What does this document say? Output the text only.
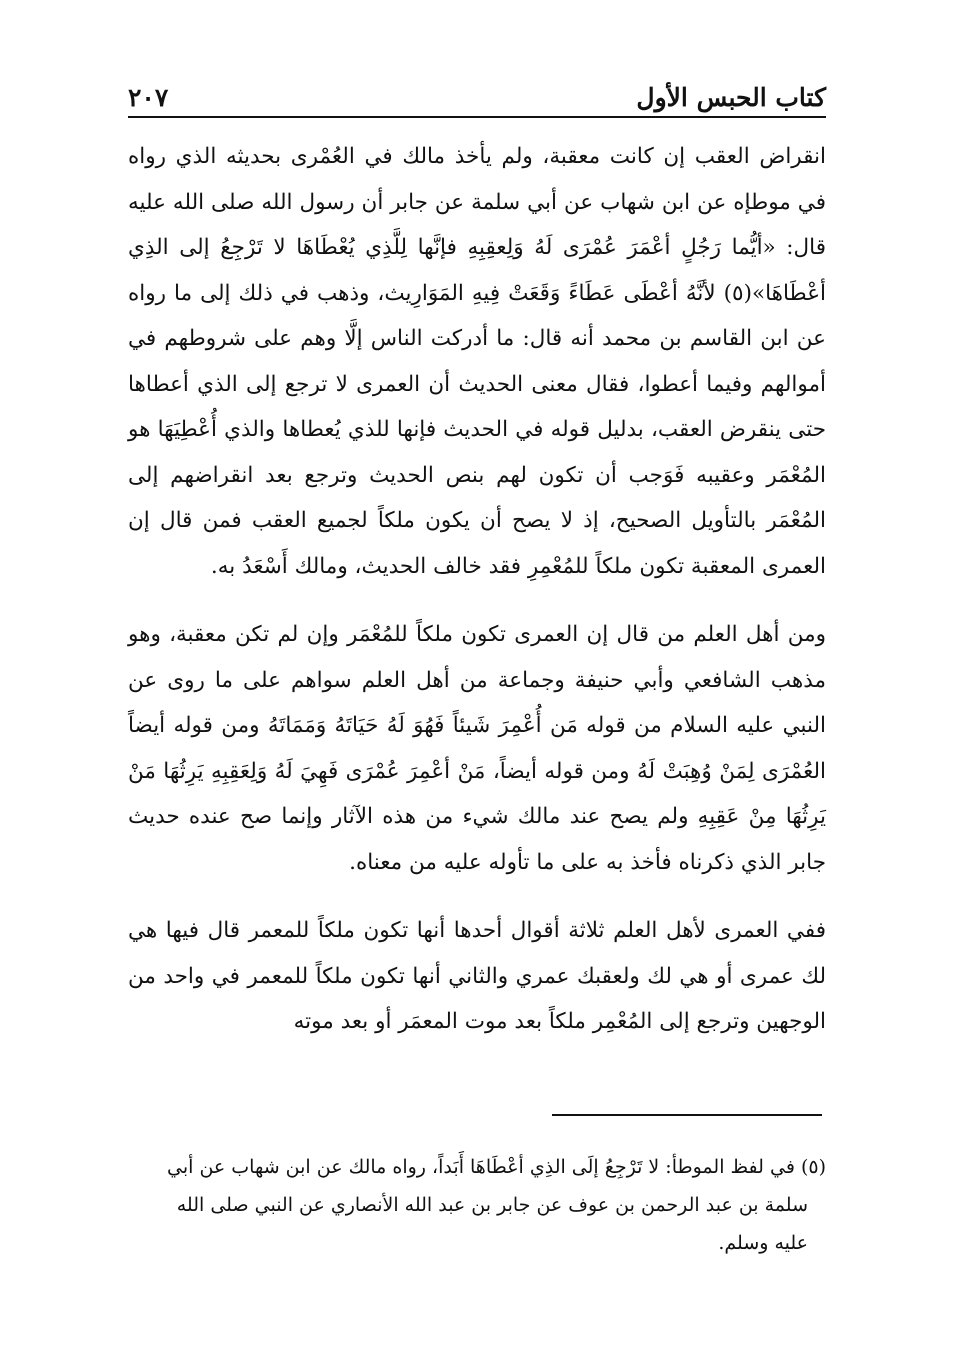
كتاب الحبس الأول
٢٠٧

انقراض العقب إن كانت معقبة، ولم يأخذ مالك في العُمْرى بحديثه الذي رواه في موطإه عن ابن شهاب عن أبي سلمة عن جابر أن رسول الله صلى الله عليه قال: «أيُّما رَجُلٍ أعْمَرَ عُمْرَى لَهُ وَلِعقِبِهِ فإنَّها لِلَّذِي يُعْطَاهَا لا تَرْجِعُ إلى الذِي أعْطَاهَا»(٥) لأنَّهُ أعْطَى عَطَاءً وَقَعَتْ فِيهِ المَوَارِيث، وذهب في ذلك إلى ما رواه عن ابن القاسم بن محمد أنه قال: ما أدركت الناس إلَّا وهم على شروطهم في أموالهم وفيما أعطوا، فقال معنى الحديث أن العمرى لا ترجع إلى الذي أعطاها حتى ينقرض العقب، بدليل قوله في الحديث فإنها للذي يُعطاها والذي أُعْطِيَهَا هو المُعْمَر وعقيبه فَوَجب أن تكون لهم بنص الحديث وترجع بعد انقراضهم إلى المُعْمَر بالتأويل الصحيح، إذ لا يصح أن يكون ملكاً لجميع العقب فمن قال إن العمرى المعقبة تكون ملكاً للمُعْمِرِ فقد خالف الحديث، ومالك أَسْعَدُ به.

ومن أهل العلم من قال إن العمرى تكون ملكاً للمُعْمَر وإن لم تكن معقبة، وهو مذهب الشافعي وأبي حنيفة وجماعة من أهل العلم سواهم على ما روى عن النبي عليه السلام من قوله مَن أُعْمِرَ شَيئاً فَهُوَ لَهُ حَيَاتَهُ وَمَمَاتَهُ ومن قوله أيضاً العُمْرَى لِمَنْ وُهِبَتْ لَهُ ومن قوله أيضاً، مَنْ أعْمِرَ عُمْرَى فَهِيَ لَهُ وَلِعَقِبِهِ يَرِثُهَا مَنْ يَرِثُهَا مِنْ عَقِبِهِ ولم يصح عند مالك شيء من هذه الآثار وإنما صح عنده حديث جابر الذي ذكرناه فأخذ به على ما تأوله عليه من معناه.

ففي العمرى لأهل العلم ثلاثة أقوال أحدها أنها تكون ملكاً للمعمر قال فيها هي لك عمرى أو هي لك ولعقبك عمري والثاني أنها تكون ملكاً للمعمر في واحد من الوجهين وترجع إلى المُعْمِر ملكاً بعد موت المعمَر أو بعد موته

(٥) في لفظ الموطأ: لا تَرْجِعُ إلَى الذِي أعْطَاهَا أَبَداً، رواه مالك عن ابن شهاب عن أبي

سلمة بن عبد الرحمن بن عوف عن جابر بن عبد الله الأنصاري عن النبي صلى الله

عليه وسلم.
